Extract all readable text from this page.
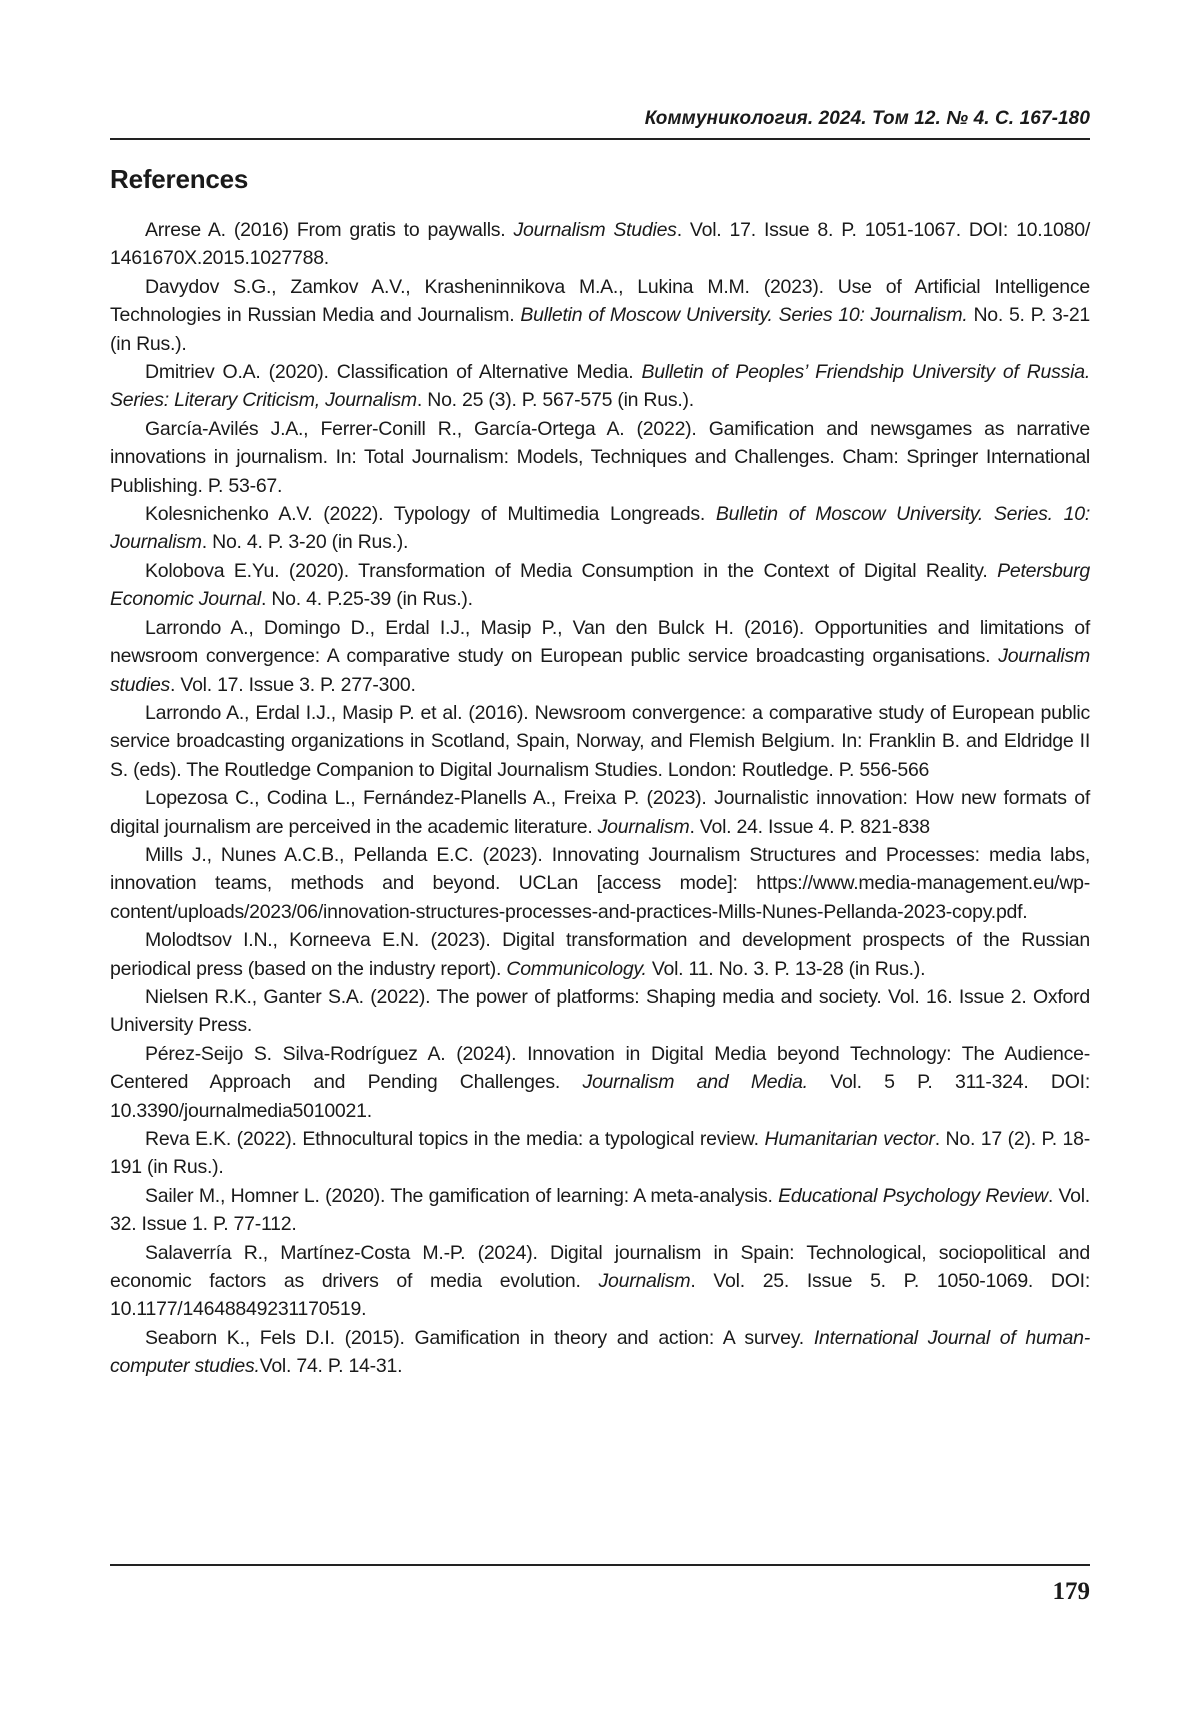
Коммуникология. 2024. Том 12. № 4. С. 167-180
References
Arrese A. (2016) From gratis to paywalls. Journalism Studies. Vol. 17. Issue 8. P. 1051-1067. DOI: 10.1080/ 1461670X.2015.1027788.
Davydov S.G., Zamkov A.V., Krasheninnikova M.A., Lukina M.M. (2023). Use of Artificial Intelligence Technologies in Russian Media and Journalism. Bulletin of Moscow University. Series 10: Journalism. No. 5. P. 3-21 (in Rus.).
Dmitriev O.A. (2020). Classification of Alternative Media. Bulletin of Peoples’ Friendship University of Russia. Series: Literary Criticism, Journalism. No. 25 (3). P. 567-575 (in Rus.).
García-Avilés J.A., Ferrer-Conill R., García-Ortega A. (2022). Gamification and newsgames as narrative innovations in journalism. In: Total Journalism: Models, Techniques and Challenges. Cham: Springer International Publishing. P. 53-67.
Kolesnichenko A.V. (2022). Typology of Multimedia Longreads. Bulletin of Moscow University. Series. 10: Journalism. No. 4. P. 3-20 (in Rus.).
Kolobova E.Yu. (2020). Transformation of Media Consumption in the Context of Digital Reality. Petersburg Economic Journal. No. 4. P.25-39 (in Rus.).
Larrondo A., Domingo D., Erdal I.J., Masip P., Van den Bulck H. (2016). Opportunities and limitations of newsroom convergence: A comparative study on European public service broadcasting organisations. Journalism studies. Vol. 17. Issue 3. P. 277-300.
Larrondo A., Erdal I.J., Masip P. et al. (2016). Newsroom convergence: a comparative study of European public service broadcasting organizations in Scotland, Spain, Norway, and Flemish Belgium. In: Franklin B. and Eldridge II S. (eds). The Routledge Companion to Digital Journalism Studies. London: Routledge. P. 556-566
Lopezosa C., Codina L., Fernández-Planells A., Freixa P. (2023). Journalistic innovation: How new formats of digital journalism are perceived in the academic literature. Journalism. Vol. 24. Issue 4. P. 821-838
Mills J., Nunes A.C.B., Pellanda E.C. (2023). Innovating Journalism Structures and Processes: media labs, innovation teams, methods and beyond. UCLan [access mode]: https://www.media-management.eu/wp-content/uploads/2023/06/innovation-structures-processes-and-practices-Mills-Nunes-Pellanda-2023-copy.pdf.
Molodtsov I.N., Korneeva E.N. (2023). Digital transformation and development prospects of the Russian periodical press (based on the industry report). Communicology. Vol. 11. No. 3. P. 13-28 (in Rus.).
Nielsen R.K., Ganter S.A. (2022). The power of platforms: Shaping media and society. Vol. 16. Issue 2. Oxford University Press.
Pérez-Seijo S. Silva-Rodríguez A. (2024). Innovation in Digital Media beyond Technology: The Audience-Centered Approach and Pending Challenges. Journalism and Media. Vol. 5 P. 311-324. DOI: 10.3390/journalmedia5010021.
Reva E.K. (2022). Ethnocultural topics in the media: a typological review. Humanitarian vector. No. 17 (2). P. 18-191 (in Rus.).
Sailer M., Homner L. (2020). The gamification of learning: A meta-analysis. Educational Psychology Review. Vol. 32. Issue 1. P. 77-112.
Salaverría R., Martínez-Costa M.-P. (2024). Digital journalism in Spain: Technological, sociopolitical and economic factors as drivers of media evolution. Journalism. Vol. 25. Issue 5. P. 1050-1069. DOI: 10.1177/14648849231170519.
Seaborn K., Fels D.I. (2015). Gamification in theory and action: A survey. International Journal of human-computer studies.Vol. 74. P. 14-31.
179
